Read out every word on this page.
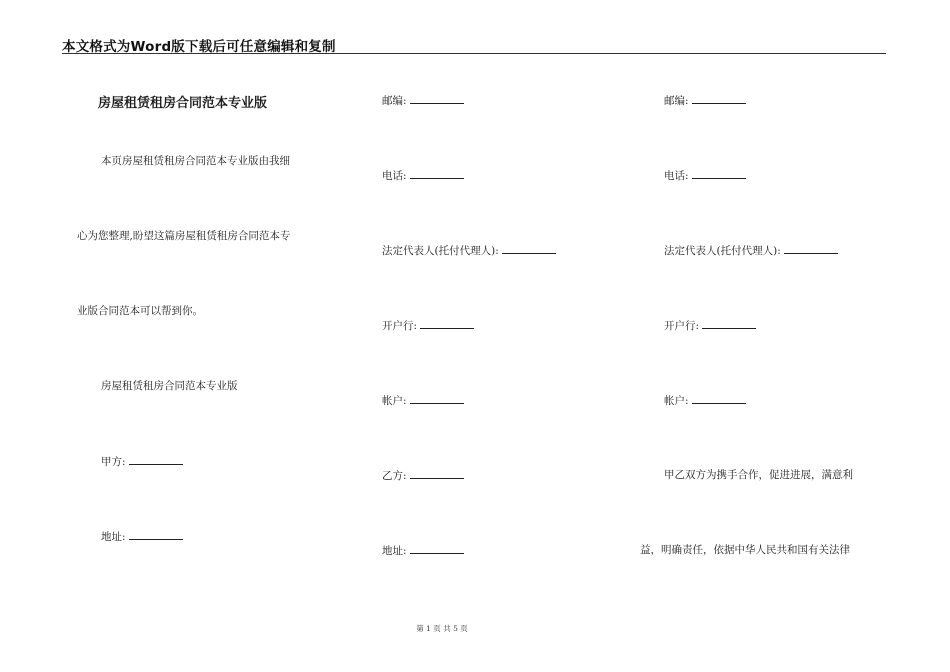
本文格式为Word版下载后可任意编辑和复制
房屋租赁租房合同范本专业版
本页房屋租赁租房合同范本专业版由我细
心为您整理,盼望这篇房屋租赁租房合同范本专
业版合同范本可以帮到你。
房屋租赁租房合同范本专业版
甲方:
地址:
邮编:
电话:
法定代表人(托付代理人):
开户行:
帐户:
乙方:
地址:
邮编:
电话:
法定代表人(托付代理人):
开户行:
帐户:
甲乙双方为携手合作，促进进展，满意利
益，明确责任，依据中华人民共和国有关法律
第 1 页 共 5 页
